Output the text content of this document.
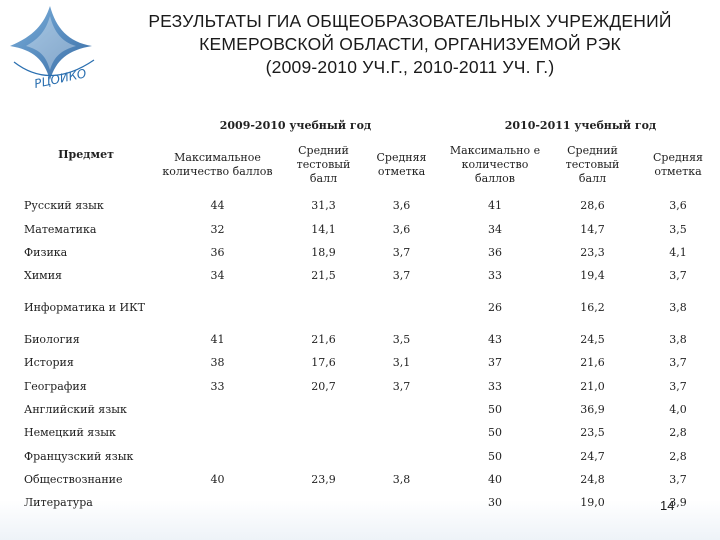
РЦОИКО
РЕЗУЛЬТАТЫ ГИА ОБЩЕОБРАЗОВАТЕЛЬНЫХ УЧРЕЖДЕНИЙ
КЕМЕРОВСКОЙ ОБЛАСТИ, ОРГАНИЗУЕМОЙ РЭК
(2009-2010 УЧ.Г., 2010-2011 УЧ. Г.)
Предмет	2009-2010 учебный год			2010-2011 учебный год		
	Максимальное количество баллов	Средний тестовый балл	Средняя отметка	Максимально е количество баллов	Средний тестовый балл	Средняя отметка
Русский язык	44	31,3	3,6	41	28,6	3,6
Математика	32	14,1	3,6	34	14,7	3,5
Физика	36	18,9	3,7	36	23,3	4,1
Химия	34	21,5	3,7	33	19,4	3,7
Информатика и ИКТ				26	16,2	3,8
Биология	41	21,6	3,5	43	24,5	3,8
История	38	17,6	3,1	37	21,6	3,7
География	33	20,7	3,7	33	21,0	3,7
Английский язык				50	36,9	4,0
Немецкий язык				50	23,5	2,8
Французский язык				50	24,7	2,8
Обществознание	40	23,9	3,8	40	24,8	3,7
Литература				30	19,0	3,9
14
